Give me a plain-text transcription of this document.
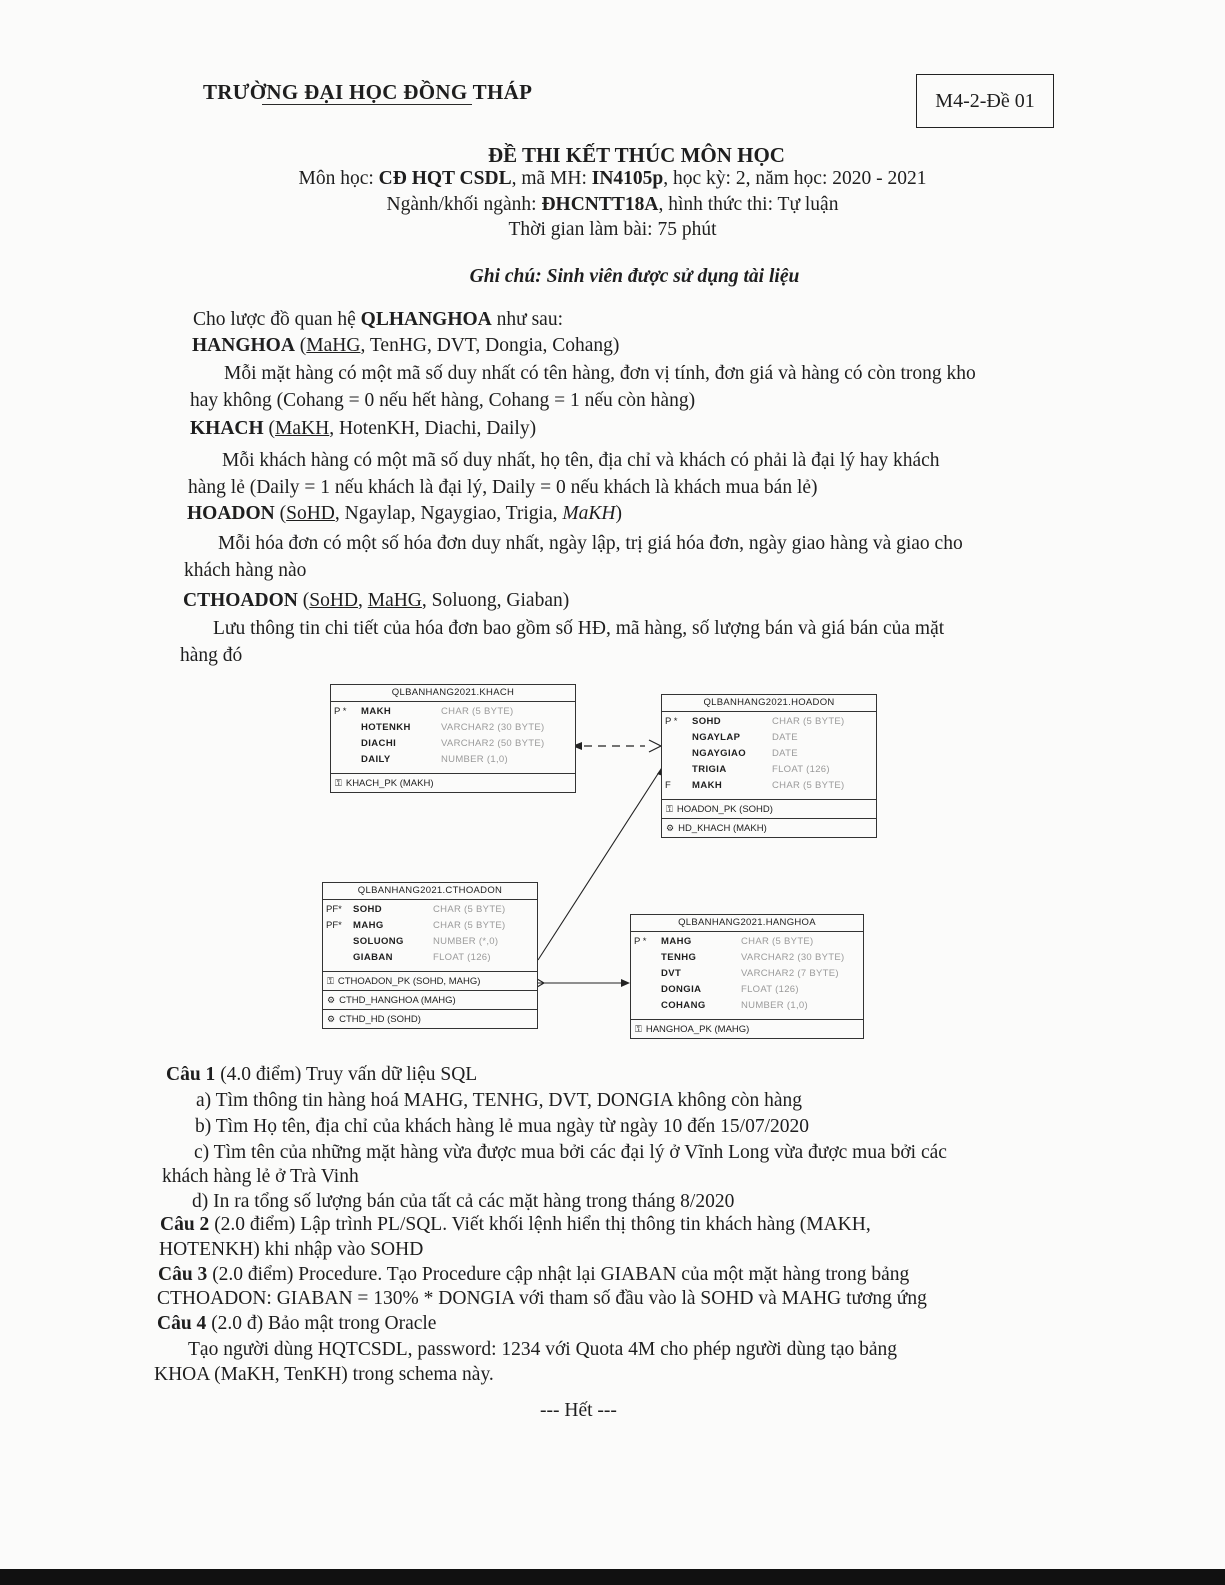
TRƯỜNG ĐẠI HỌC ĐỒNG THÁP	M4-2-Đề 01
ĐỀ THI KẾT THÚC MÔN HỌC
Môn học: CĐ HQT CSDL, mã MH: IN4105p, học kỳ: 2, năm học: 2020 - 2021
Ngành/khối ngành: ĐHCNTT18A, hình thức thi: Tự luận
Thời gian làm bài: 75 phút
Ghi chú: Sinh viên được sử dụng tài liệu
Cho lược đồ quan hệ QLHANGHOA như sau:
HANGHOA (MaHG, TenHG, DVT, Dongia, Cohang)
Mỗi mặt hàng có một mã số duy nhất có tên hàng, đơn vị tính, đơn giá và hàng có còn trong kho
hay không (Cohang = 0 nếu hết hàng, Cohang = 1 nếu còn hàng)
KHACH (MaKH, HotenKH, Diachi, Daily)
Mỗi khách hàng có một mã số duy nhất, họ tên, địa chỉ và khách có phải là đại lý hay khách
hàng lẻ (Daily = 1 nếu khách là đại lý, Daily = 0 nếu khách là khách mua bán lẻ)
HOADON (SoHD, Ngaylap, Ngaygiao, Trigia, MaKH)
Mỗi hóa đơn có một số hóa đơn duy nhất, ngày lập, trị giá hóa đơn, ngày giao hàng và giao cho
khách hàng nào
CTHOADON (SoHD, MaHG, Soluong, Giaban)
Lưu thông tin chi tiết của hóa đơn bao gồm số HĐ, mã hàng, số lượng bán và giá bán của mặt
hàng đó
QLBANHANG2021.KHACH
P * MAKH	CHAR (5 BYTE)
HOTENKH	VARCHAR2 (30 BYTE)
DIACHI	VARCHAR2 (50 BYTE)
DAILY	NUMBER (1,0)
⚿ KHACH_PK (MAKH)
QLBANHANG2021.HOADON
P * SOHD	CHAR (5 BYTE)
NGAYLAP	DATE
NGAYGIAO	DATE
TRIGIA	FLOAT (126)
F MAKH	CHAR (5 BYTE)
⚿ HOADON_PK (SOHD)
⚙ HD_KHACH (MAKH)
QLBANHANG2021.CTHOADON
PF* SOHD	CHAR (5 BYTE)
PF* MAHG	CHAR (5 BYTE)
SOLUONG	NUMBER (*,0)
GIABAN	FLOAT (126)
⚿ CTHOADON_PK (SOHD, MAHG)
⚙ CTHD_HANGHOA (MAHG)
⚙ CTHD_HD (SOHD)
QLBANHANG2021.HANGHOA
P * MAHG	CHAR (5 BYTE)
TENHG	VARCHAR2 (30 BYTE)
DVT	VARCHAR2 (7 BYTE)
DONGIA	FLOAT (126)
COHANG	NUMBER (1,0)
⚿ HANGHOA_PK (MAHG)
Câu 1 (4.0 điểm) Truy vấn dữ liệu SQL
a) Tìm thông tin hàng hoá MAHG, TENHG, DVT, DONGIA không còn hàng
b) Tìm Họ tên, địa chỉ của khách hàng lẻ mua ngày từ ngày 10 đến 15/07/2020
c) Tìm tên của những mặt hàng vừa được mua bởi các đại lý ở Vĩnh Long vừa được mua bởi các
khách hàng lẻ ở Trà Vinh
d) In ra tổng số lượng bán của tất cả các mặt hàng trong tháng 8/2020
Câu 2 (2.0 điểm) Lập trình PL/SQL. Viết khối lệnh hiển thị thông tin khách hàng (MAKH,
HOTENKH) khi nhập vào SOHD
Câu 3 (2.0 điểm) Procedure. Tạo Procedure cập nhật lại GIABAN của một mặt hàng trong bảng
CTHOADON: GIABAN = 130% * DONGIA với tham số đầu vào là SOHD và MAHG tương ứng
Câu 4 (2.0 đ) Bảo mật trong Oracle
Tạo người dùng HQTCSDL, password: 1234 với Quota 4M cho phép người dùng tạo bảng
KHOA (MaKH, TenKH) trong schema này.
--- Hết ---
